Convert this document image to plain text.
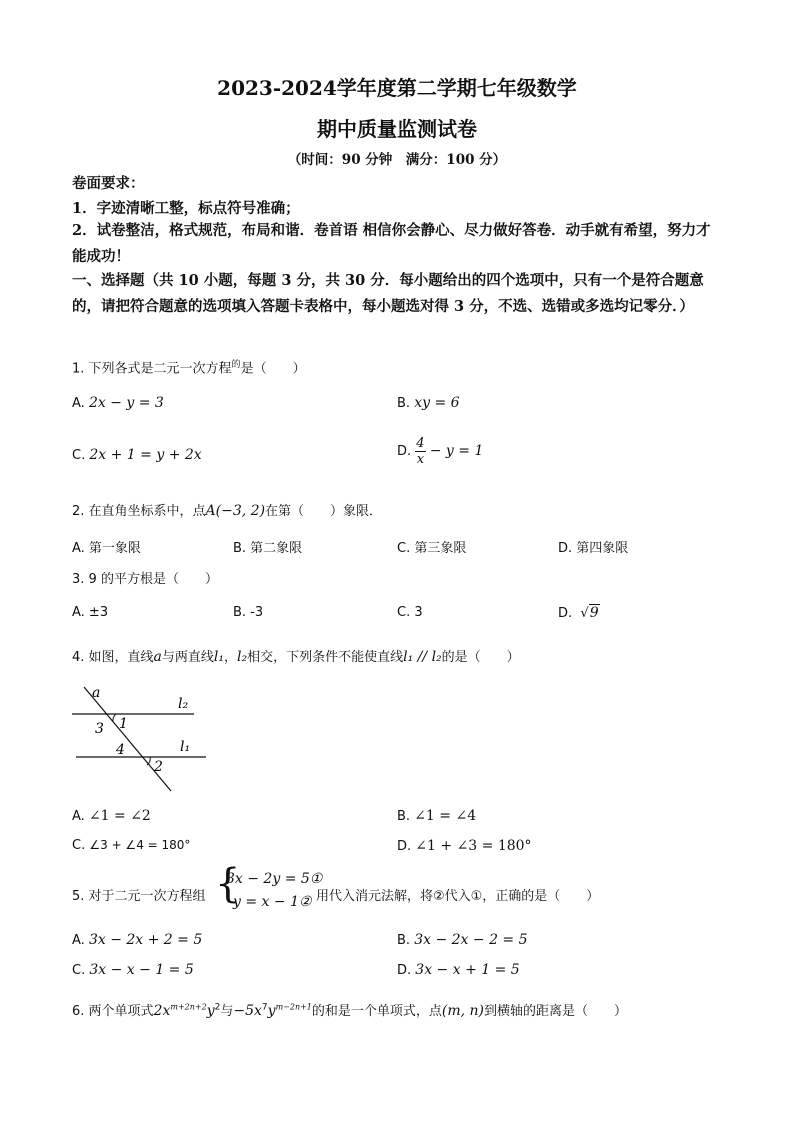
2023-2024学年度第二学期七年级数学
期中质量监测试卷
（时间：90 分钟　满分：100 分）
卷面要求：
1．字迹清晰工整，标点符号准确；
2．试卷整洁，格式规范，布局和谐．卷首语 相信你会静心、尽力做好答卷．动手就有希望，努力才能成功！
一、选择题（共 10 小题，每题 3 分，共 30 分．每小题给出的四个选项中，只有一个是符合题意的，请把符合题意的选项填入答题卡表格中，每小题选对得 3 分，不选、选错或多选均记零分．）
1. 下列各式是二元一次方程$^的$是（　　）
A. 2x − y = 3	B. xy = 6
C. 2x + 1 = y + 2x	D. $\frac{4}{x} - y = 1$
2. 在直角坐标系中，点A(−3, 2)在第（　　）象限．
A. 第一象限	B. 第二象限	C. 第三象限	D. 第四象限
3. 9 的平方根是（　　）
A. ±3	B. -3	C. 3	D. √9
4. 如图，直线a与两直线l₁，l₂相交，下列条件不能使直线l₁ // l₂的是（　　）
a
l₂
l₁
1
3
4
2
A. ∠1 = ∠2	B. ∠1 = ∠4
C. ∠3 + ∠4 = 180°	D. ∠1 + ∠3 = 180°
5. 对于二元一次方程组 {
3x − 2y = 5①
y = x − 1② 用代入消元法解，将②代入①，正确的是（　　）
A. 3x − 2x + 2 = 5	B. 3x − 2x − 2 = 5
C. 3x − x − 1 = 5	D. 3x − x + 1 = 5
6. 两个单项式$2x^{m+2n+2}y^2$与$-5x^7y^{m-2n+1}$的和是一个单项式，点(m, n)到横轴的距离是（　　）
